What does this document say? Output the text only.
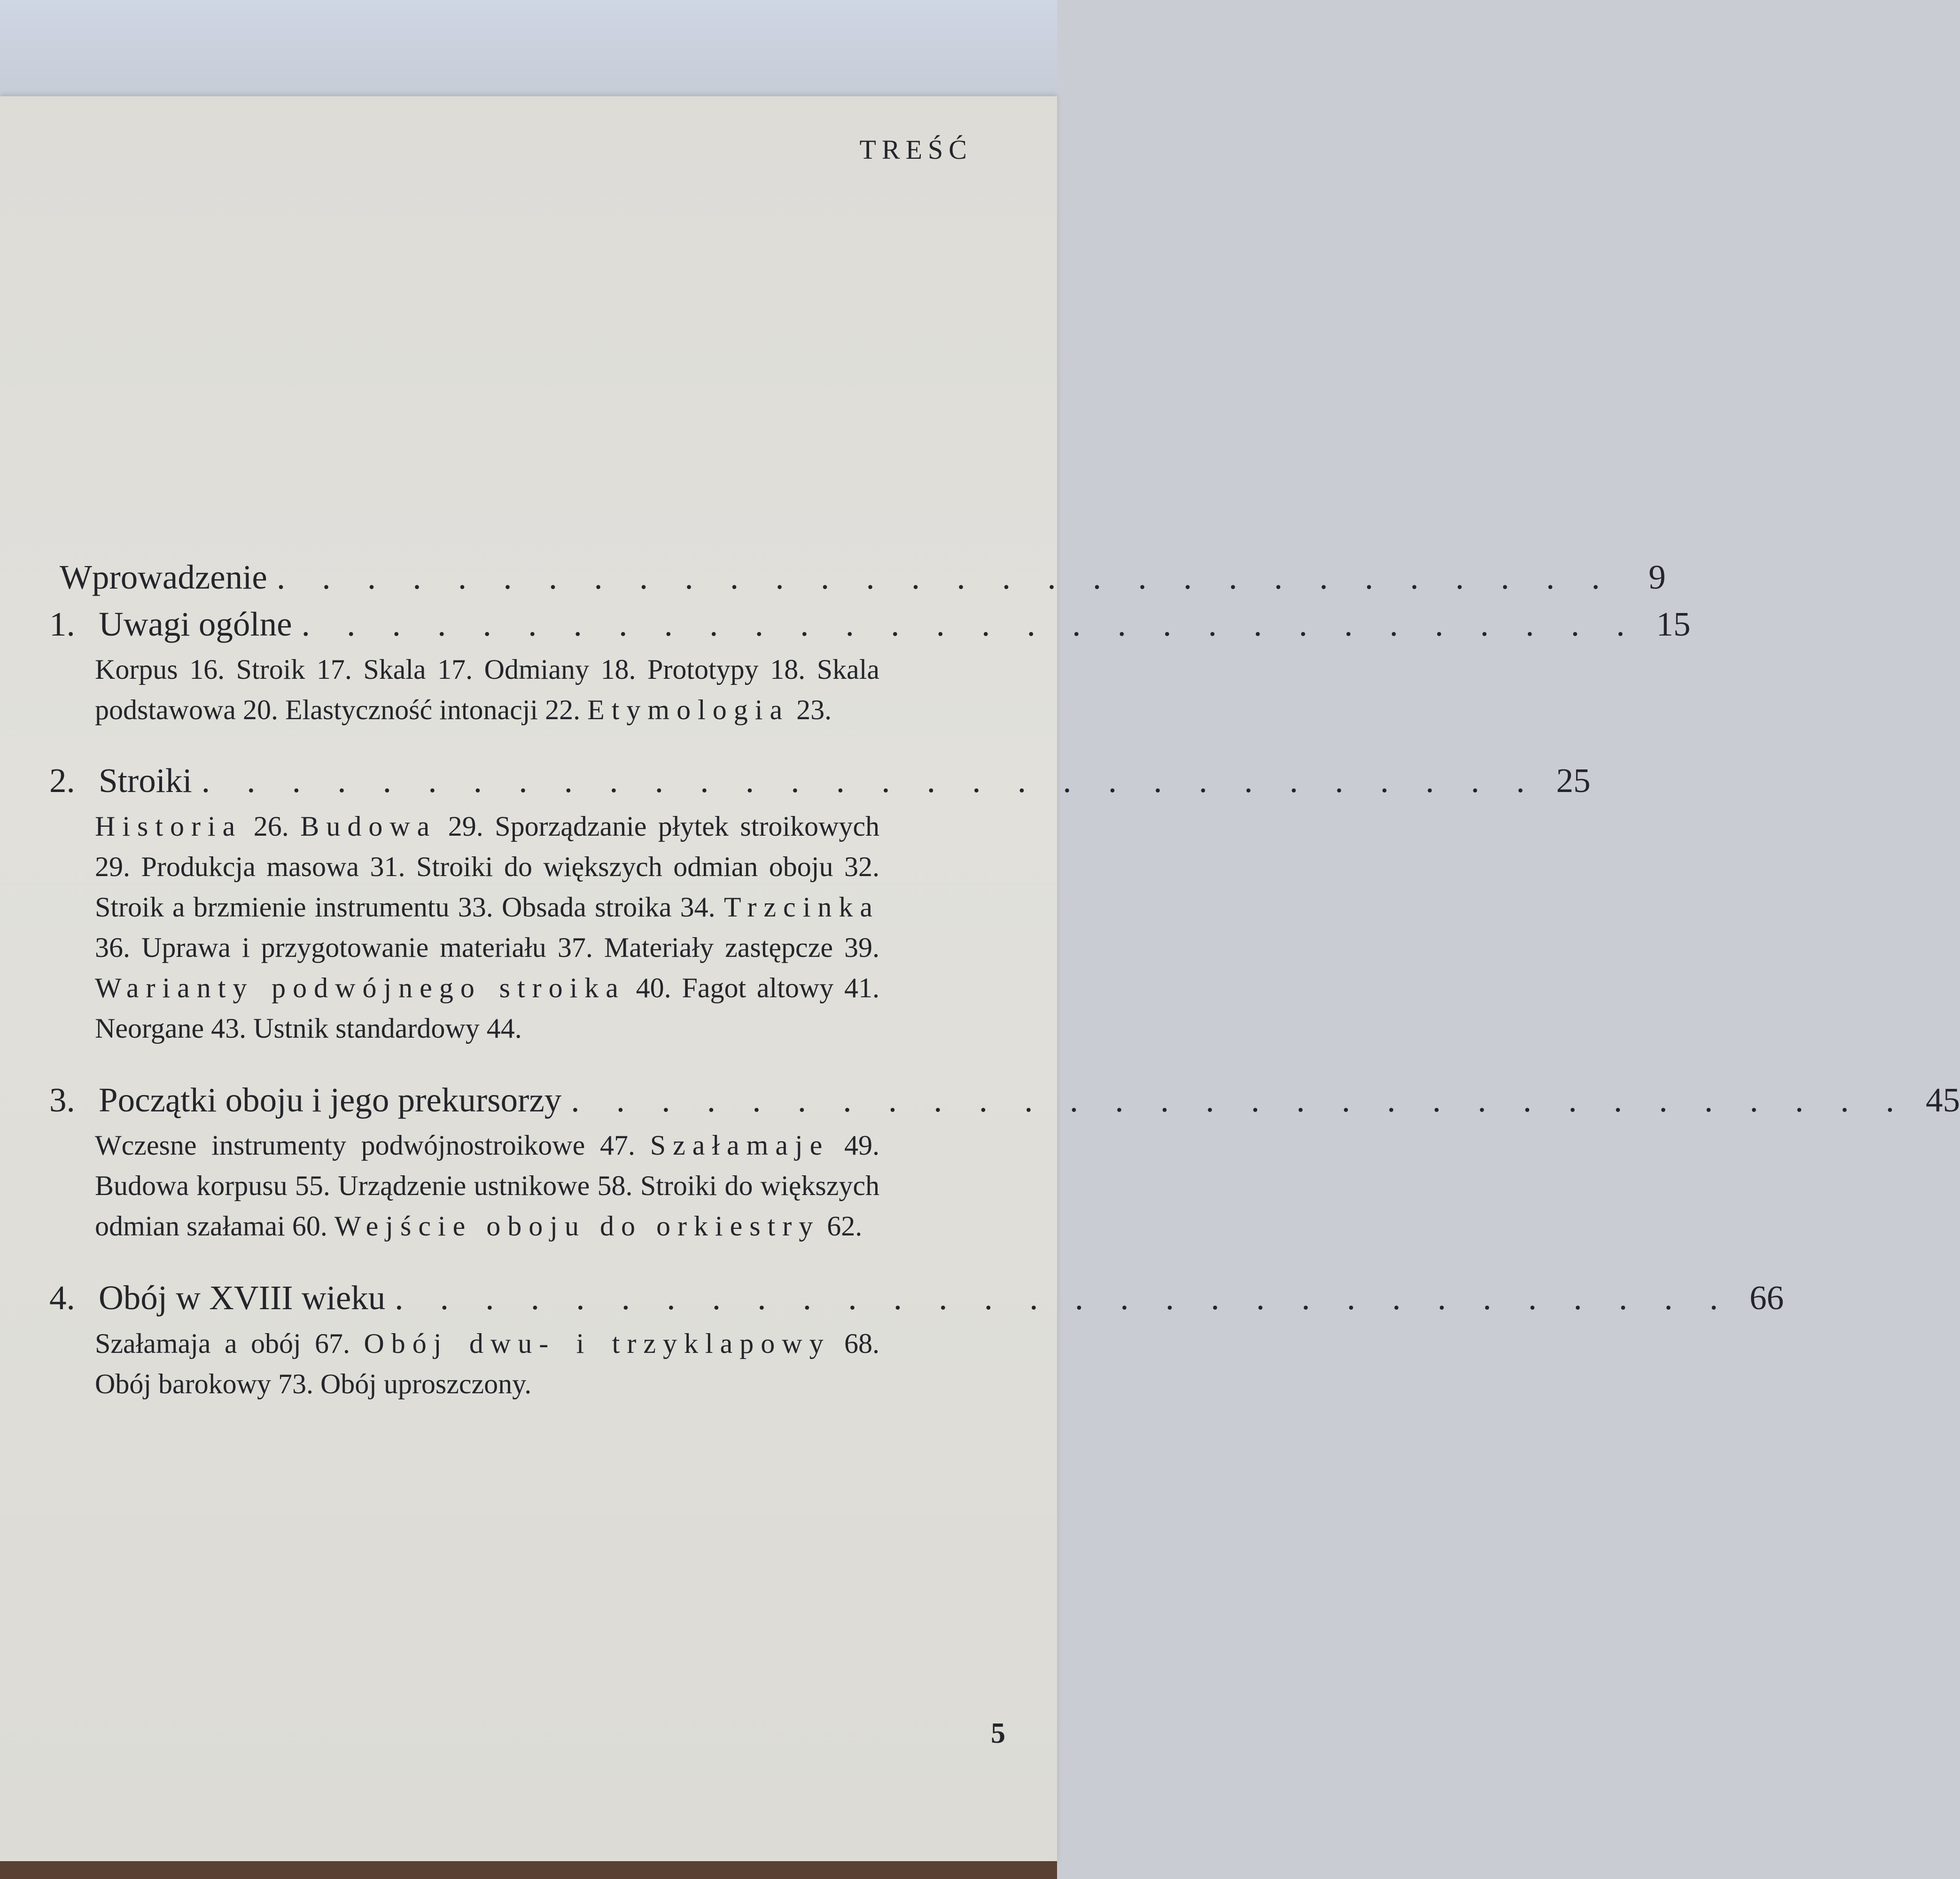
TREŚĆ
Wprowadzenie . . . . . . . . . . . . . . . . . . . . . . . . . . . . . .	9
1. Uwagi ogólne . . . . . . . . . . . . . . . . . . . . . . . . . . . . . . 15
Korpus 16. Stroik 17. Skala 17. Odmiany 18. Prototypy 18. Skala podstawowa 20. Elastyczność intonacji 22. Etymologia 23.
2. Stroiki . . . . . . . . . . . . . . . . . . . . . . . . . . . . . . 25
Historia 26. Budowa 29. Sporządzanie płytek stroikowych 29. Produkcja masowa 31. Stroiki do większych odmian oboju 32. Stroik a brzmienie instrumentu 33. Obsada stroika 34. Trzcinka 36. Uprawa i przygotowanie materiału 37. Materiały zastępcze 39. Warianty podwójnego stroika 40. Fagot altowy 41. Neorgane 43. Ustnik standardowy 44.
3. Początki oboju i jego prekursorzy . . . . . . . . . . . . . . . . . . . . . . . . . . . . . . 45
Wczesne instrumenty podwójnostroikowe 47. Szałamaje 49. Budowa korpusu 55. Urządzenie ustnikowe 58. Stroiki do większych odmian szałamai 60. Wejście oboju do orkiestry 62.
4. Obój w XVIII wieku . . . . . . . . . . . . . . . . . . . . . . . . . . . . . . 66
Szałamaja a obój 67. Obój dwu- i trzyklapowy 68. Obój barokowy 73. Obój uproszczony.
5
